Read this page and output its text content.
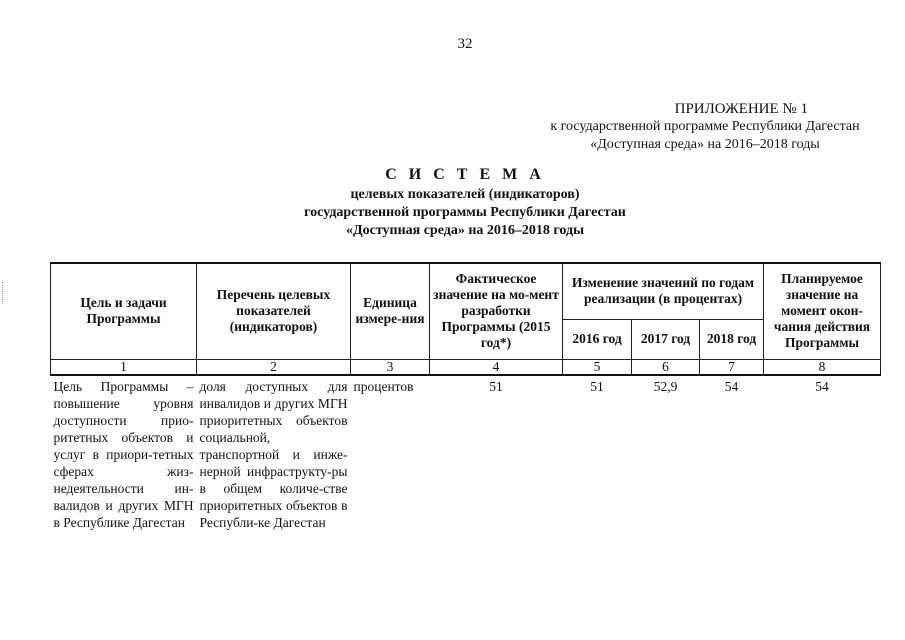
32
ПРИЛОЖЕНИЕ № 1
к государственной программе Республики Дагестан
«Доступная среда» на 2016–2018 годы
С И С Т Е М А
целевых показателей (индикаторов)
государственной программы Республики Дагестан
«Доступная среда» на 2016–2018 годы
Цель и задачи Программы	Перечень целевых показателей (индикаторов)	Единица измере-ния	Фактическое значение на мо-мент разработки Программы (2015 год*)	Изменение значений по годам реализации (в процентах)			Планируемое значение на момент окон-чания действия Программы
				2016 год	2017 год	2018 год	
1	2	3	4	5	6	7	8
Цель Программы – повышение уровня доступности прио-ритетных объектов и услуг в приори-тетных сферах жиз-недеятельности ин-валидов и других МГН в Республике Дагестан	доля доступных для инвалидов и других МГН приоритетных объектов социальной, транспортной и инже-нерной инфраструкту-ры в общем количе-стве приоритетных объектов в Республи-ке Дагестан	процентов	51	51	52,9	54	54
